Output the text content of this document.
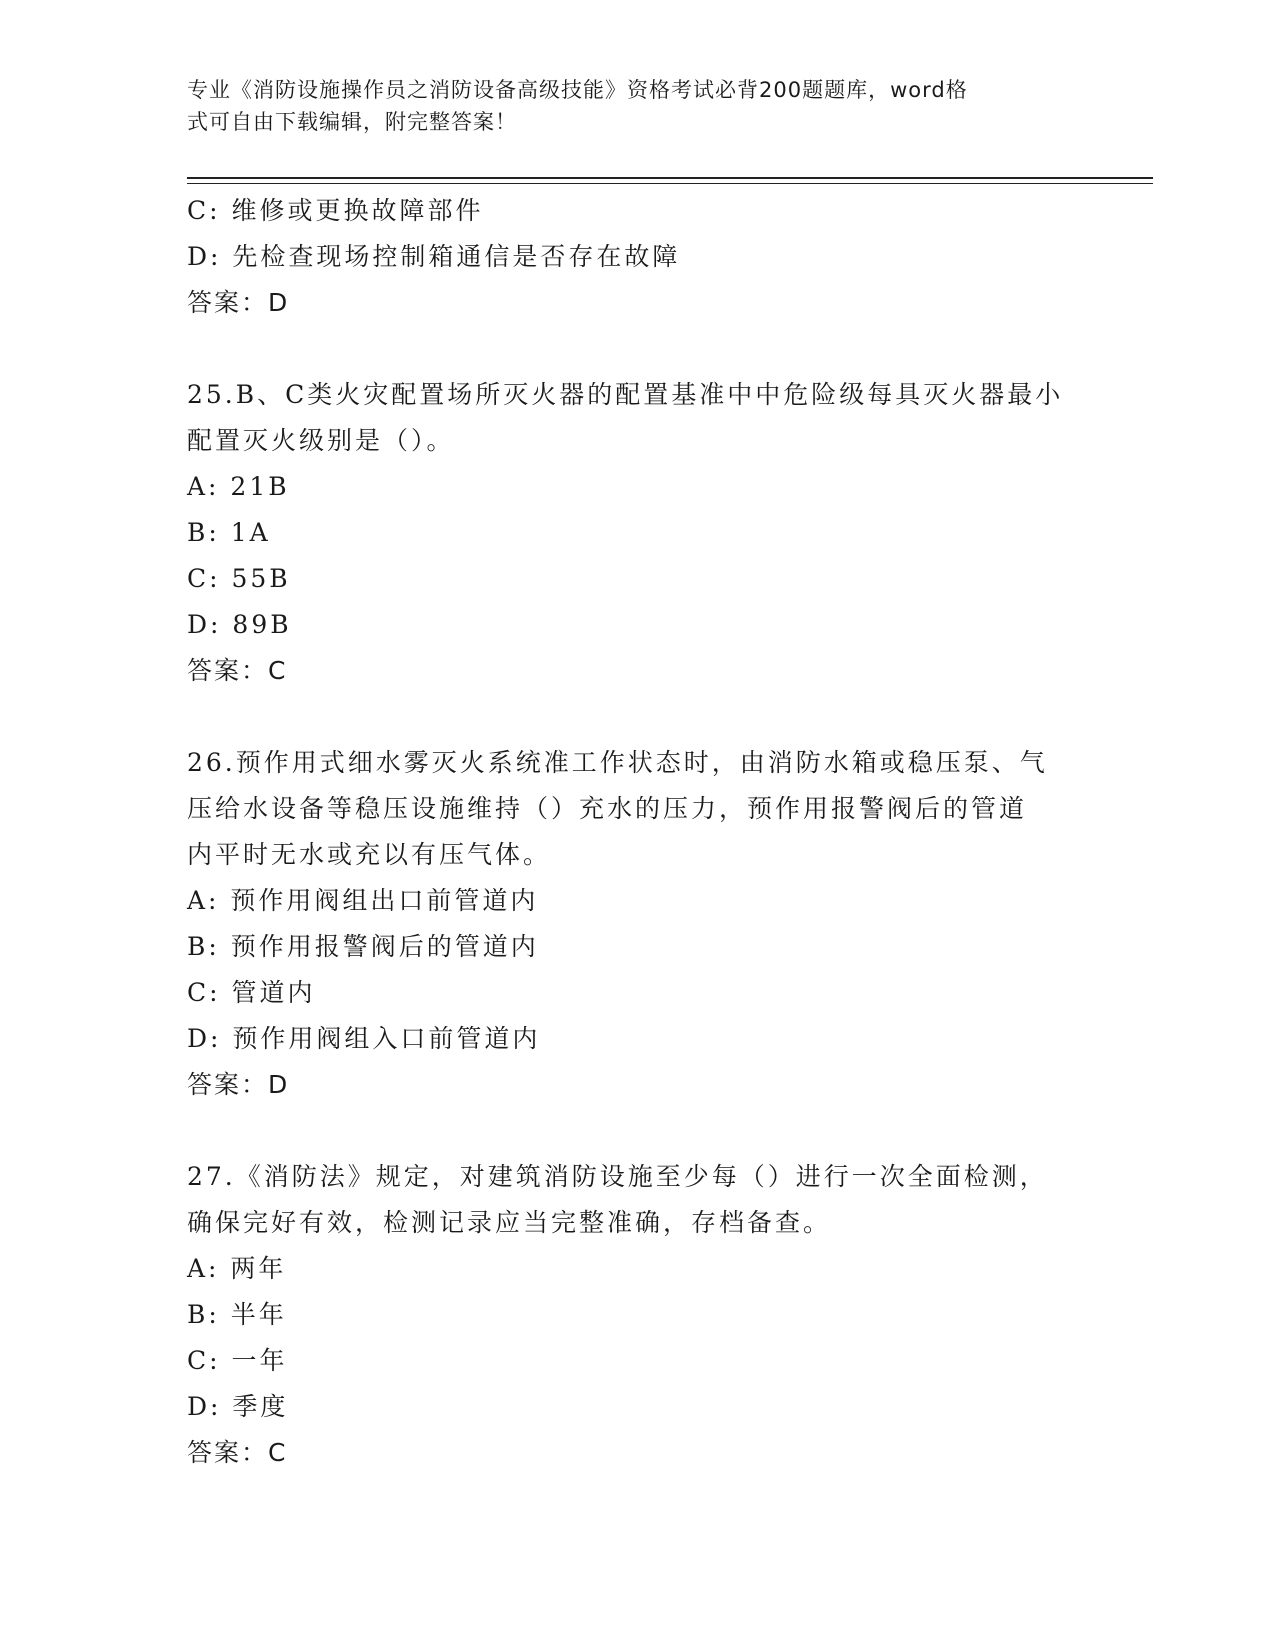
专业《消防设施操作员之消防设备高级技能》资格考试必背200题题库，word格
式可自由下载编辑，附完整答案！
C: 维修或更换故障部件
D: 先检查现场控制箱通信是否存在故障
答案：D
25.B、C类火灾配置场所灭火器的配置基准中中危险级每具灭火器最小
配置灭火级别是（）。
A: 21B
B: 1A
C: 55B
D: 89B
答案：C
26.预作用式细水雾灭火系统准工作状态时，由消防水箱或稳压泵、气
压给水设备等稳压设施维持（）充水的压力，预作用报警阀后的管道
内平时无水或充以有压气体。
A: 预作用阀组出口前管道内
B: 预作用报警阀后的管道内
C: 管道内
D: 预作用阀组入口前管道内
答案：D
27.《消防法》规定，对建筑消防设施至少每（）进行一次全面检测，
确保完好有效，检测记录应当完整准确，存档备查。
A: 两年
B: 半年
C: 一年
D: 季度
答案：C
